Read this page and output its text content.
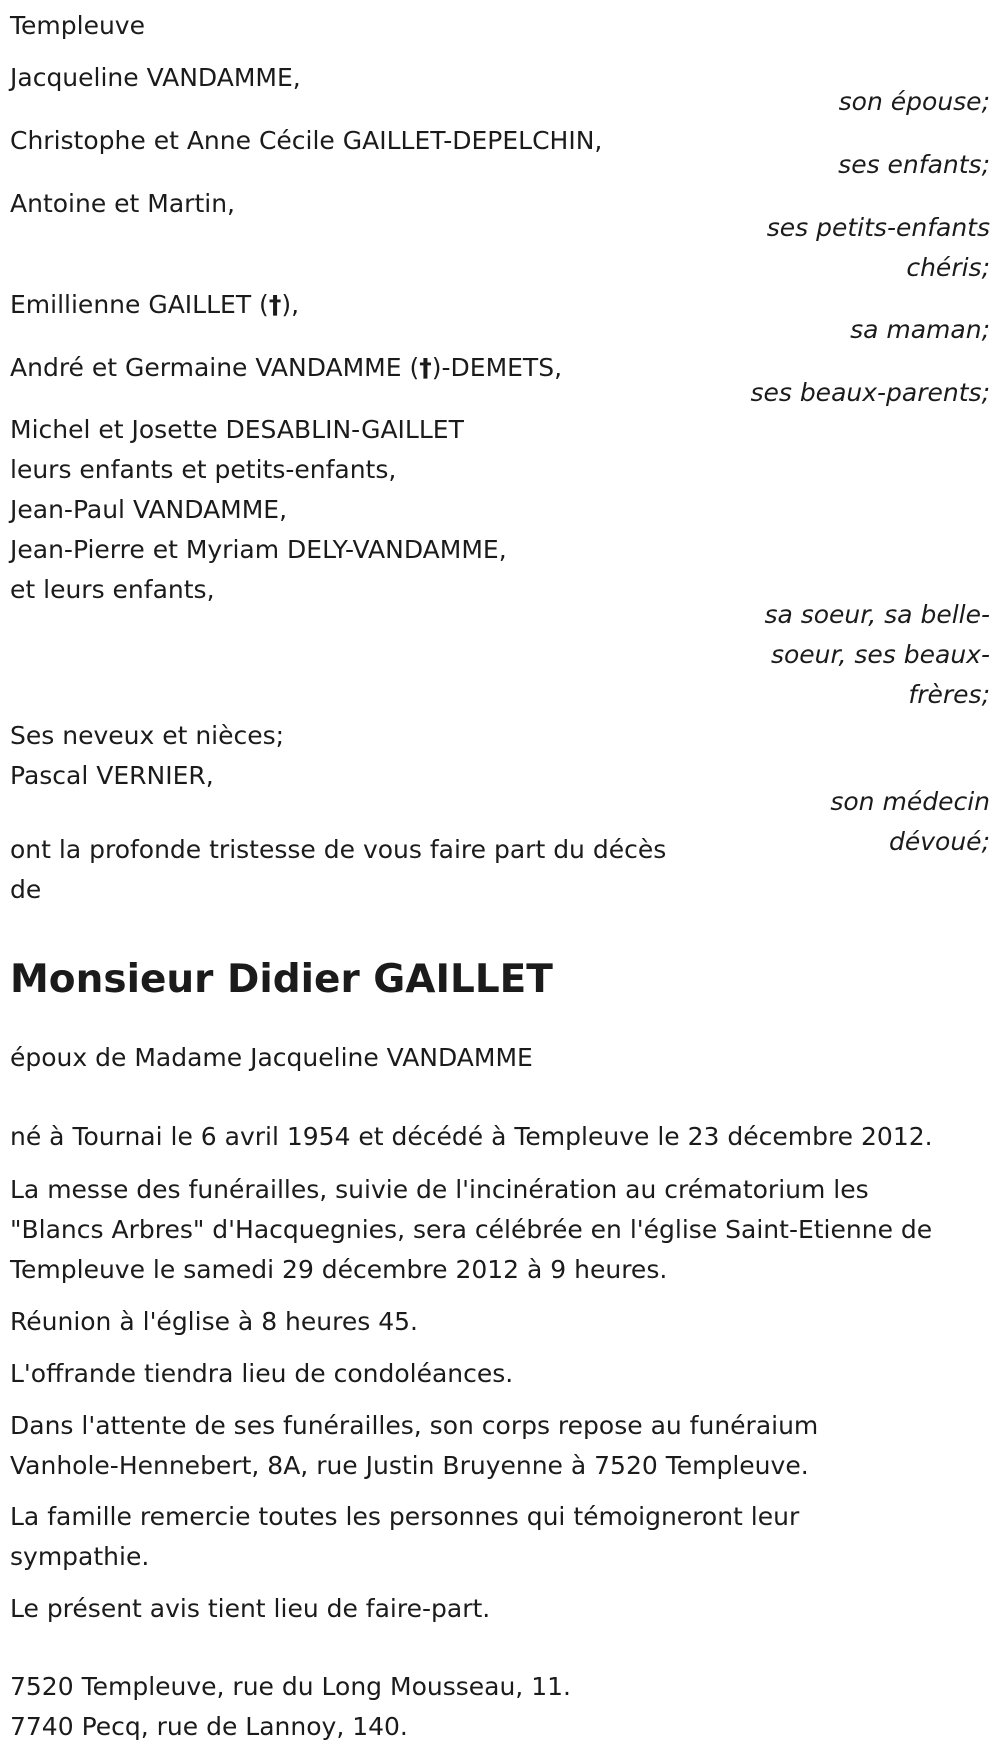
Templeuve
Jacqueline VANDAMME,
son épouse;
Christophe et Anne Cécile GAILLET-DEPELCHIN,
ses enfants;
Antoine et Martin,
ses petits-enfants
chéris;
Emillienne GAILLET (†),
sa maman;
André et Germaine VANDAMME (†)-DEMETS,
ses beaux-parents;
Michel et Josette DESABLIN-GAILLET
leurs enfants et petits-enfants,
Jean-Paul VANDAMME,
Jean-Pierre et Myriam DELY-VANDAMME,
et leurs enfants,
sa soeur, sa belle-
soeur, ses beaux-
frères;
Ses neveux et nièces;
Pascal VERNIER,
son médecin
dévoué;
ont la profonde tristesse de vous faire part du décès
de
Monsieur Didier GAILLET
époux de Madame Jacqueline VANDAMME
né à Tournai le 6 avril 1954 et décédé à Templeuve le 23 décembre 2012.
La messe des funérailles, suivie de l'incinération au crématorium les
"Blancs Arbres" d'Hacquegnies, sera célébrée en l'église Saint-Etienne de
Templeuve le samedi 29 décembre 2012 à 9 heures.
Réunion à l'église à 8 heures 45.
L'offrande tiendra lieu de condoléances.
Dans l'attente de ses funérailles, son corps repose au funéraium
Vanhole-Hennebert, 8A, rue Justin Bruyenne à 7520 Templeuve.
La famille remercie toutes les personnes qui témoigneront leur
sympathie.
Le présent avis tient lieu de faire-part.
7520 Templeuve, rue du Long Mousseau, 11.
7740 Pecq, rue de Lannoy, 140.
